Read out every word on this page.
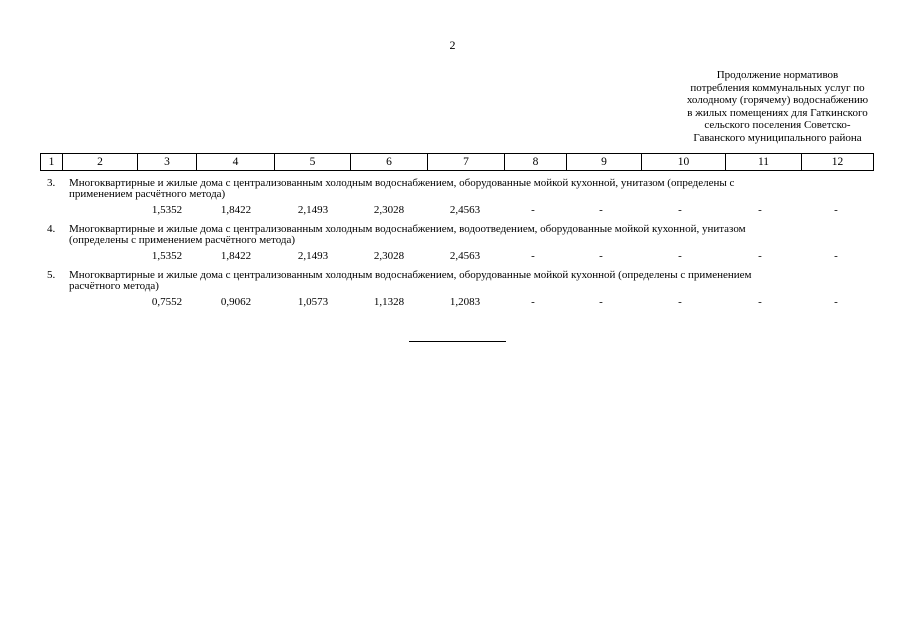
2
Продолжение нормативов
потребления коммунальных услуг по
холодному (горячему) водоснабжению
в жилых помещениях для Гаткинского
сельского поселения Советско-
Гаванского муниципального района
1	2	3	4	5	6	7	8	9	10	11	12
3. Многоквартирные и жилые дома с централизованным холодным водоснабжением, оборудованные мойкой кухонной, унитазом (определены с
применением расчётного метода)
1,5352	1,8422	2,1493	2,3028	2,4563	-	-	-	-	-
4. Многоквартирные и жилые дома с централизованным холодным водоснабжением, водоотведением, оборудованные мойкой кухонной, унитазом
(определены с применением расчётного метода)
1,5352	1,8422	2,1493	2,3028	2,4563	-	-	-	-	-
5. Многоквартирные и жилые дома с централизованным холодным водоснабжением, оборудованные мойкой кухонной (определены с применением
расчётного метода)
0,7552	0,9062	1,0573	1,1328	1,2083	-	-	-	-	-
